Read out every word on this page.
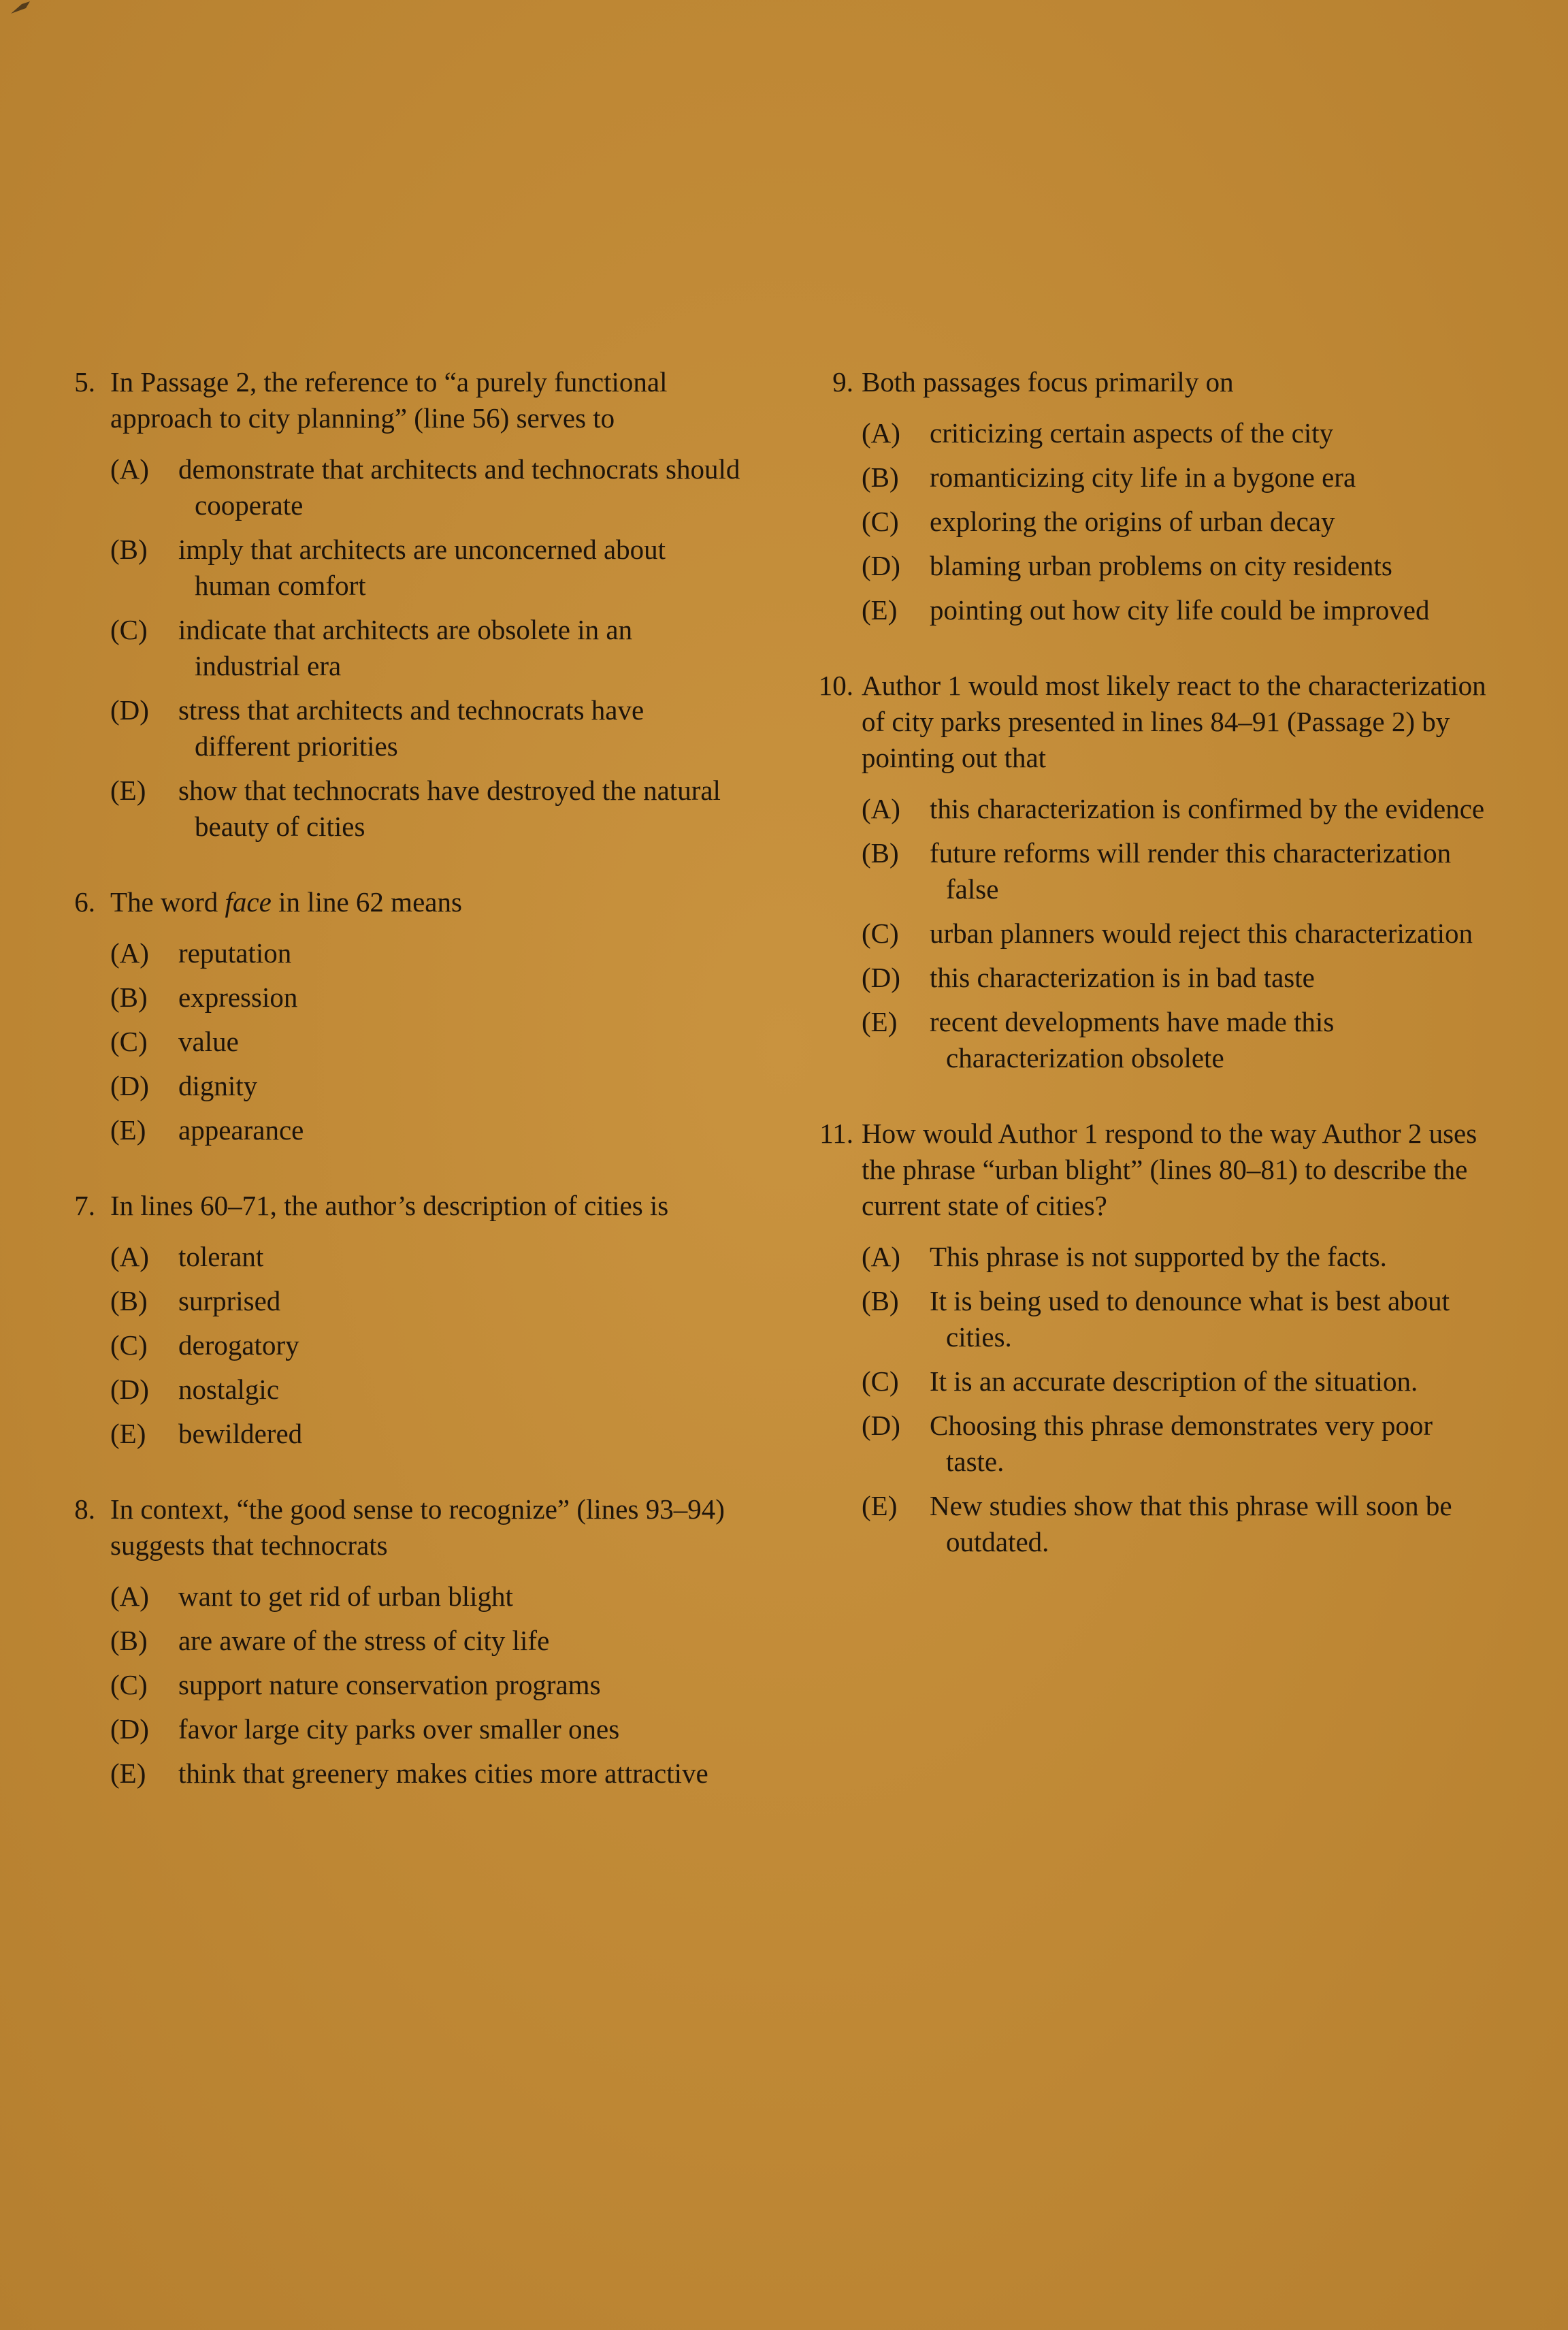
5. In Passage 2, the reference to “a purely functional approach to city planning” (line 56) serves to
(A) demonstrate that architects and technocrats should cooperate
(B) imply that architects are unconcerned about human comfort
(C) indicate that architects are obsolete in an industrial era
(D) stress that architects and technocrats have different priorities
(E) show that technocrats have destroyed the natural beauty of cities
6. The word face in line 62 means
(A) reputation
(B) expression
(C) value
(D) dignity
(E) appearance
7. In lines 60–71, the author’s description of cities is
(A) tolerant
(B) surprised
(C) derogatory
(D) nostalgic
(E) bewildered
8. In context, “the good sense to recognize” (lines 93–94) suggests that technocrats
(A) want to get rid of urban blight
(B) are aware of the stress of city life
(C) support nature conservation programs
(D) favor large city parks over smaller ones
(E) think that greenery makes cities more attractive
9. Both passages focus primarily on
(A) criticizing certain aspects of the city
(B) romanticizing city life in a bygone era
(C) exploring the origins of urban decay
(D) blaming urban problems on city residents
(E) pointing out how city life could be improved
10. Author 1 would most likely react to the characterization of city parks presented in lines 84–91 (Passage 2) by pointing out that
(A) this characterization is confirmed by the evidence
(B) future reforms will render this characterization false
(C) urban planners would reject this characterization
(D) this characterization is in bad taste
(E) recent developments have made this characterization obsolete
11. How would Author 1 respond to the way Author 2 uses the phrase “urban blight” (lines 80–81) to describe the current state of cities?
(A) This phrase is not supported by the facts.
(B) It is being used to denounce what is best about cities.
(C) It is an accurate description of the situation.
(D) Choosing this phrase demonstrates very poor taste.
(E) New studies show that this phrase will soon be outdated.
